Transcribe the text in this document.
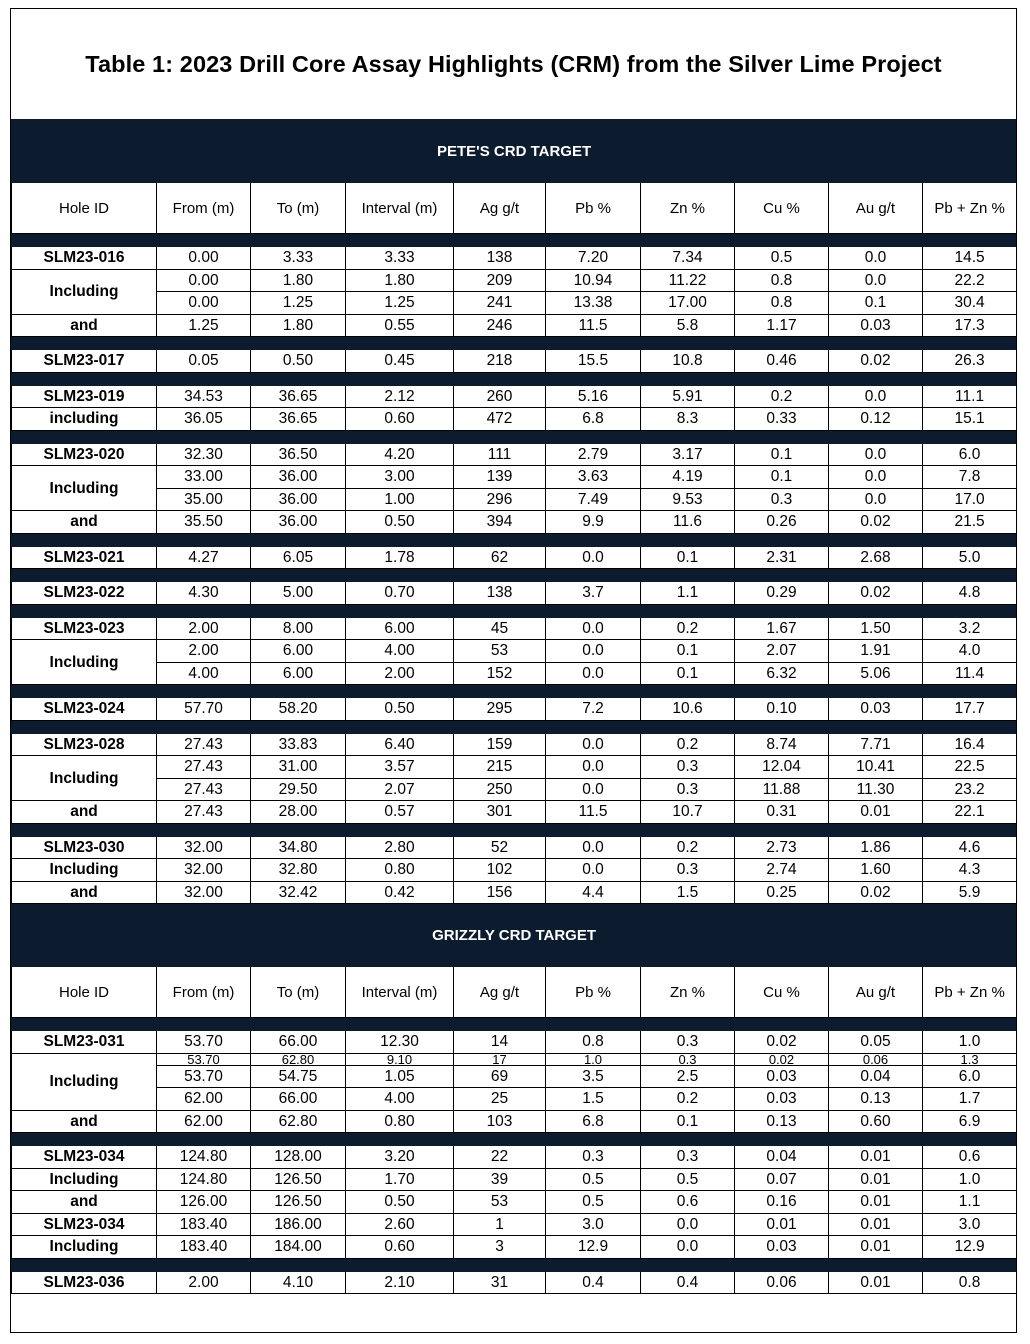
Table 1: 2023 Drill Core Assay Highlights (CRM) from the Silver Lime Project
PETE'S CRD TARGET									
Hole ID	From (m)	To (m)	Interval (m)	Ag g/t	Pb %	Zn %	Cu %	Au g/t	Pb + Zn %

SLM23-016	0.00	3.33	3.33	138	7.20	7.34	0.5	0.0	14.5
Including	0.00	1.80	1.80	209	10.94	11.22	0.8	0.0	22.2
	0.00	1.25	1.25	241	13.38	17.00	0.8	0.1	30.4
and	1.25	1.80	0.55	246	11.5	5.8	1.17	0.03	17.3

SLM23-017	0.05	0.50	0.45	218	15.5	10.8	0.46	0.02	26.3

SLM23-019	34.53	36.65	2.12	260	5.16	5.91	0.2	0.0	11.1
including	36.05	36.65	0.60	472	6.8	8.3	0.33	0.12	15.1

SLM23-020	32.30	36.50	4.20	111	2.79	3.17	0.1	0.0	6.0
Including	33.00	36.00	3.00	139	3.63	4.19	0.1	0.0	7.8
	35.00	36.00	1.00	296	7.49	9.53	0.3	0.0	17.0
and	35.50	36.00	0.50	394	9.9	11.6	0.26	0.02	21.5

SLM23-021	4.27	6.05	1.78	62	0.0	0.1	2.31	2.68	5.0

SLM23-022	4.30	5.00	0.70	138	3.7	1.1	0.29	0.02	4.8

SLM23-023	2.00	8.00	6.00	45	0.0	0.2	1.67	1.50	3.2
Including	2.00	6.00	4.00	53	0.0	0.1	2.07	1.91	4.0
	4.00	6.00	2.00	152	0.0	0.1	6.32	5.06	11.4

SLM23-024	57.70	58.20	0.50	295	7.2	10.6	0.10	0.03	17.7

SLM23-028	27.43	33.83	6.40	159	0.0	0.2	8.74	7.71	16.4
Including	27.43	31.00	3.57	215	0.0	0.3	12.04	10.41	22.5
	27.43	29.50	2.07	250	0.0	0.3	11.88	11.30	23.2
and	27.43	28.00	0.57	301	11.5	10.7	0.31	0.01	22.1

SLM23-030	32.00	34.80	2.80	52	0.0	0.2	2.73	1.86	4.6
Including	32.00	32.80	0.80	102	0.0	0.3	2.74	1.60	4.3
and	32.00	32.42	0.42	156	4.4	1.5	0.25	0.02	5.9
GRIZZLY CRD TARGET									
Hole ID	From (m)	To (m)	Interval (m)	Ag g/t	Pb %	Zn %	Cu %	Au g/t	Pb + Zn %

SLM23-031	53.70	66.00	12.30	14	0.8	0.3	0.02	0.05	1.0
Including	53.70	62.80	9.10	17	1.0	0.3	0.02	0.06	1.3
	53.70	54.75	1.05	69	3.5	2.5	0.03	0.04	6.0
	62.00	66.00	4.00	25	1.5	0.2	0.03	0.13	1.7
and	62.00	62.80	0.80	103	6.8	0.1	0.13	0.60	6.9

SLM23-034	124.80	128.00	3.20	22	0.3	0.3	0.04	0.01	0.6
Including	124.80	126.50	1.70	39	0.5	0.5	0.07	0.01	1.0
and	126.00	126.50	0.50	53	0.5	0.6	0.16	0.01	1.1
SLM23-034	183.40	186.00	2.60	1	3.0	0.0	0.01	0.01	3.0
Including	183.40	184.00	0.60	3	12.9	0.0	0.03	0.01	12.9

SLM23-036	2.00	4.10	2.10	31	0.4	0.4	0.06	0.01	0.8
